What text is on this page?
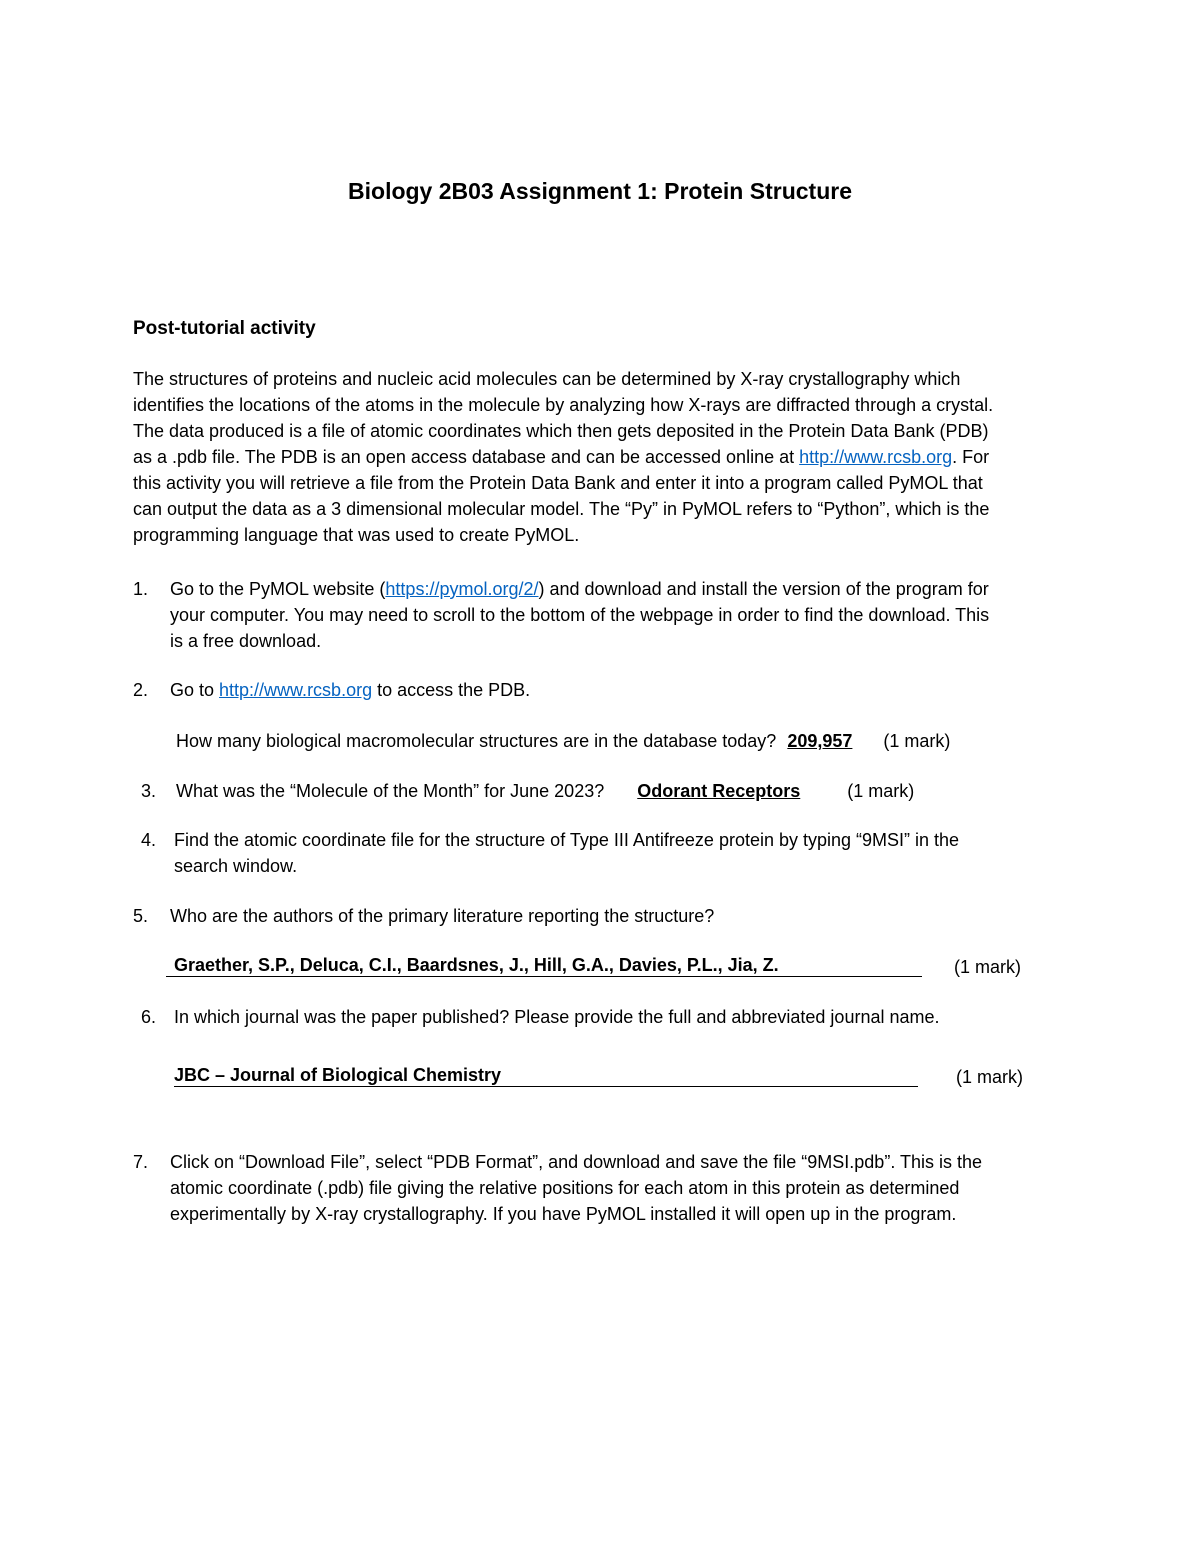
Biology 2B03 Assignment 1: Protein Structure
Post-tutorial activity
The structures of proteins and nucleic acid molecules can be determined by X-ray crystallography which
identifies the locations of the atoms in the molecule by analyzing how X-rays are diffracted through a crystal.
The data produced is a file of atomic coordinates which then gets deposited in the Protein Data Bank (PDB)
as a .pdb file. The PDB is an open access database and can be accessed online at http://www.rcsb.org. For
this activity you will retrieve a file from the Protein Data Bank and enter it into a program called PyMOL that
can output the data as a 3 dimensional molecular model. The “Py” in PyMOL refers to “Python”, which is the
programming language that was used to create PyMOL.
1. Go to the PyMOL website (https://pymol.org/2/) and download and install the version of the program for
your computer. You may need to scroll to the bottom of the webpage in order to find the download. This
is a free download.
2. Go to http://www.rcsb.org to access the PDB.
How many biological macromolecular structures are in the database today? 209,957 (1 mark)
3. What was the “Molecule of the Month” for June 2023? Odorant Receptors	(1 mark)
4. Find the atomic coordinate file for the structure of Type III Antifreeze protein by typing “9MSI” in the
search window.
5. Who are the authors of the primary literature reporting the structure?
Graether, S.P., Deluca, C.I., Baardsnes, J., Hill, G.A., Davies, P.L., Jia, Z.	(1 mark)
6. In which journal was the paper published? Please provide the full and abbreviated journal name.
JBC – Journal of Biological Chemistry	(1 mark)
7. Click on “Download File”, select “PDB Format”, and download and save the file “9MSI.pdb”. This is the
atomic coordinate (.pdb) file giving the relative positions for each atom in this protein as determined
experimentally by X-ray crystallography. If you have PyMOL installed it will open up in the program.
